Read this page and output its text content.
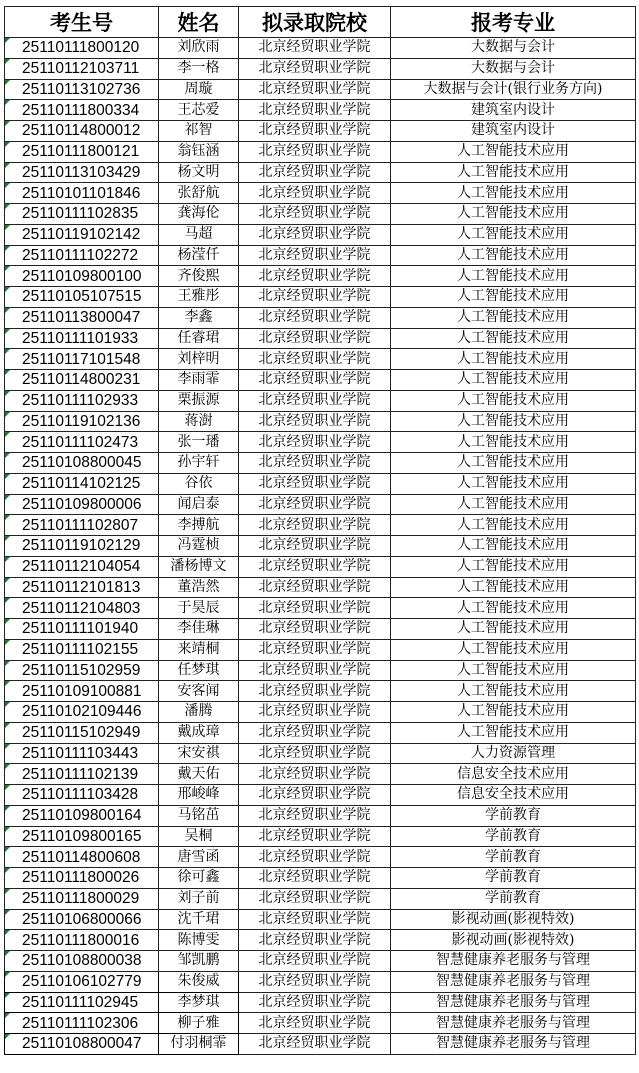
考生号	姓名	拟录取院校	报考专业
25110111800120	刘欣雨	北京经贸职业学院	大数据与会计
25110112103711	李一格	北京经贸职业学院	大数据与会计
25110113102736	周璇	北京经贸职业学院	大数据与会计(银行业务方向)
25110111800334	王芯爱	北京经贸职业学院	建筑室内设计
25110114800012	祁智	北京经贸职业学院	建筑室内设计
25110111800121	翁钰涵	北京经贸职业学院	人工智能技术应用
25110113103429	杨文明	北京经贸职业学院	人工智能技术应用
25110101101846	张舒航	北京经贸职业学院	人工智能技术应用
25110111102835	龚海伦	北京经贸职业学院	人工智能技术应用
25110119102142	马超	北京经贸职业学院	人工智能技术应用
25110111102272	杨滢仟	北京经贸职业学院	人工智能技术应用
25110109800100	齐俊熙	北京经贸职业学院	人工智能技术应用
25110105107515	王雅彤	北京经贸职业学院	人工智能技术应用
25110113800047	李鑫	北京经贸职业学院	人工智能技术应用
25110111101933	任睿珺	北京经贸职业学院	人工智能技术应用
25110117101548	刘梓明	北京经贸职业学院	人工智能技术应用
25110114800231	李雨霏	北京经贸职业学院	人工智能技术应用
25110111102933	栗振源	北京经贸职业学院	人工智能技术应用
25110119102136	蒋澍	北京经贸职业学院	人工智能技术应用
25110111102473	张一璠	北京经贸职业学院	人工智能技术应用
25110108800045	孙宇轩	北京经贸职业学院	人工智能技术应用
25110114102125	谷依	北京经贸职业学院	人工智能技术应用
25110109800006	闻启泰	北京经贸职业学院	人工智能技术应用
25110111102807	李搏航	北京经贸职业学院	人工智能技术应用
25110119102129	冯霆桢	北京经贸职业学院	人工智能技术应用
25110112104054	潘杨博文	北京经贸职业学院	人工智能技术应用
25110112101813	董浩然	北京经贸职业学院	人工智能技术应用
25110112104803	于昊辰	北京经贸职业学院	人工智能技术应用
25110111101940	李佳琳	北京经贸职业学院	人工智能技术应用
25110111102155	来靖桐	北京经贸职业学院	人工智能技术应用
25110115102959	任梦琪	北京经贸职业学院	人工智能技术应用
25110109100881	安客闻	北京经贸职业学院	人工智能技术应用
25110102109446	潘腾	北京经贸职业学院	人工智能技术应用
25110115102949	戴成璋	北京经贸职业学院	人工智能技术应用
25110111103443	宋安祺	北京经贸职业学院	人力资源管理
25110111102139	戴天佑	北京经贸职业学院	信息安全技术应用
25110111103428	邢峻峰	北京经贸职业学院	信息安全技术应用
25110109800164	马铭茁	北京经贸职业学院	学前教育
25110109800165	吴桐	北京经贸职业学院	学前教育
25110114800608	唐雪函	北京经贸职业学院	学前教育
25110111800026	徐可鑫	北京经贸职业学院	学前教育
25110111800029	刘子前	北京经贸职业学院	学前教育
25110106800066	沈千珺	北京经贸职业学院	影视动画(影视特效)
25110111800016	陈博雯	北京经贸职业学院	影视动画(影视特效)
25110108800038	邹凯鹏	北京经贸职业学院	智慧健康养老服务与管理
25110106102779	朱俊威	北京经贸职业学院	智慧健康养老服务与管理
25110111102945	李梦琪	北京经贸职业学院	智慧健康养老服务与管理
25110111102306	柳子雅	北京经贸职业学院	智慧健康养老服务与管理
25110108800047	付羽桐霏	北京经贸职业学院	智慧健康养老服务与管理
